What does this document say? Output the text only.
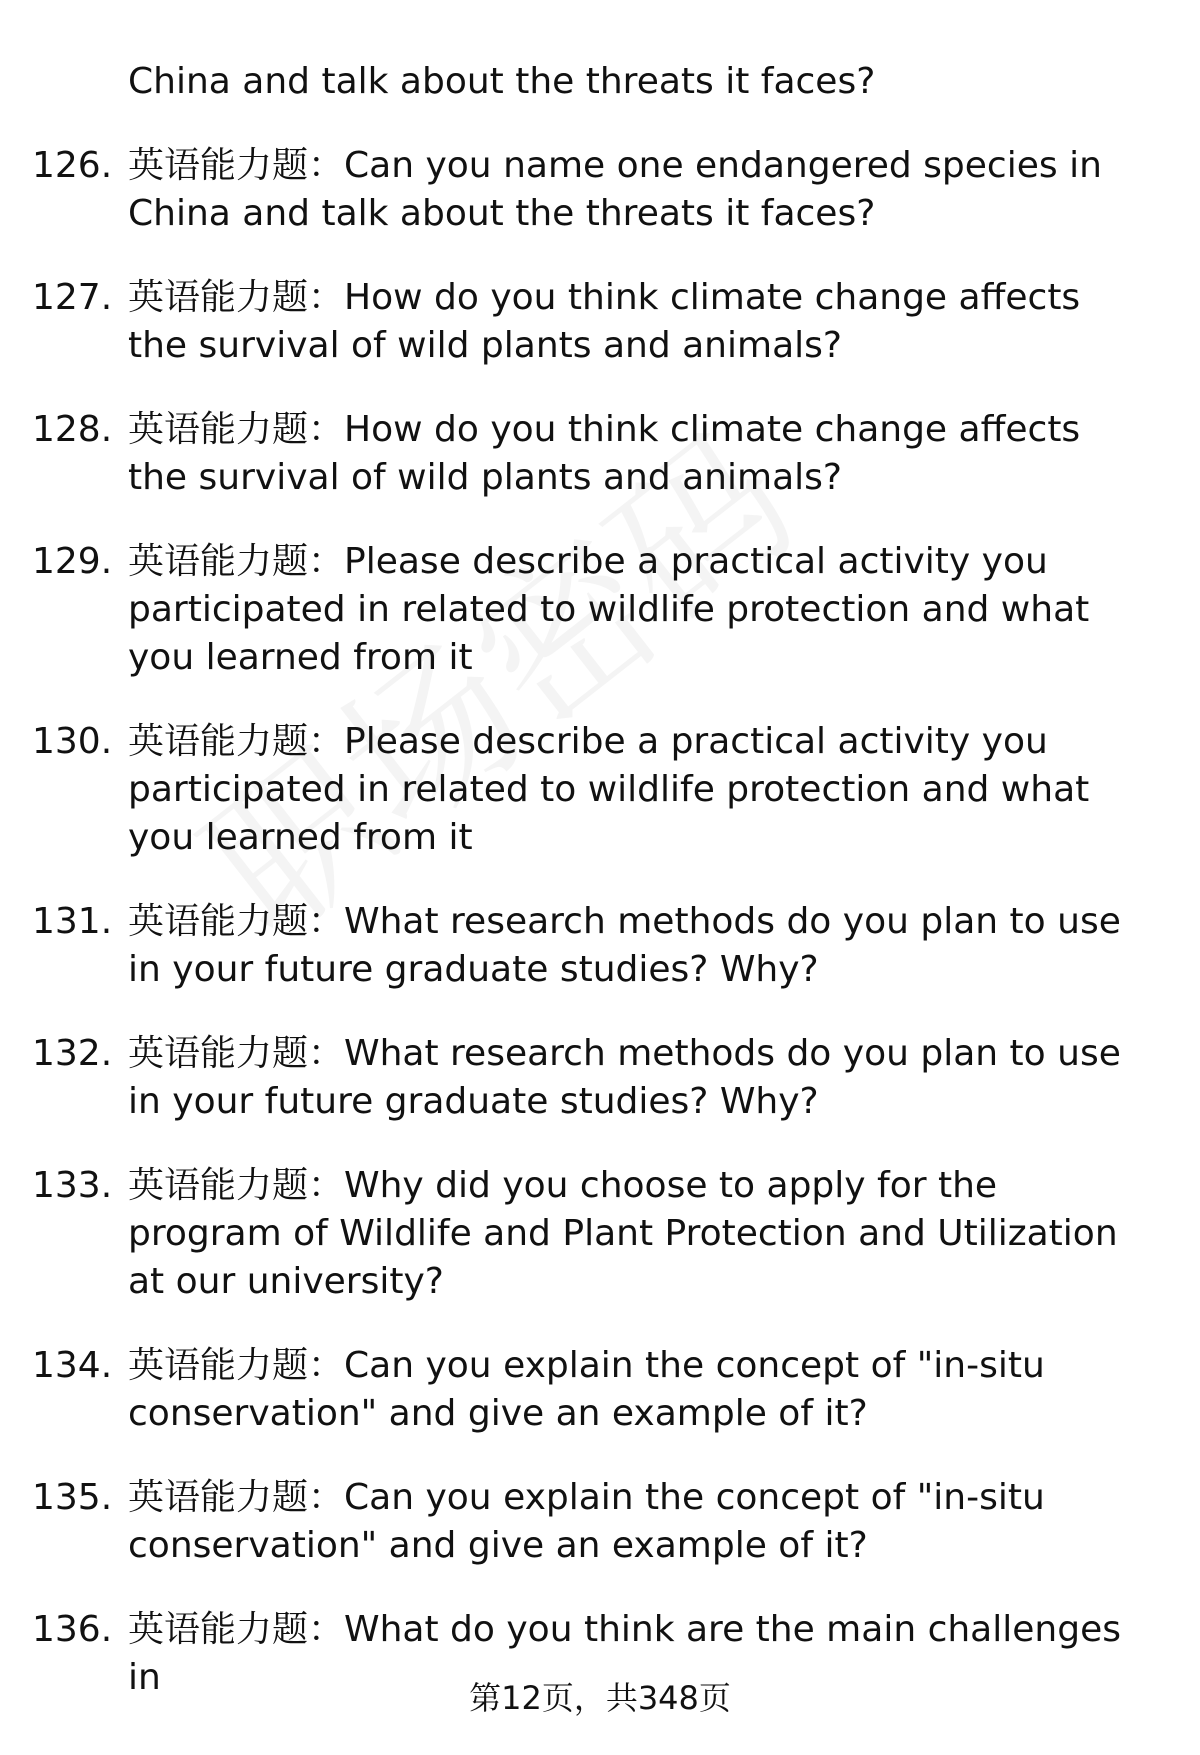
China and talk about the threats it faces?
126. 英语能力题：Can you name one endangered species in China and talk about the threats it faces?
127. 英语能力题：How do you think climate change affects the survival of wild plants and animals?
128. 英语能力题：How do you think climate change affects the survival of wild plants and animals?
129. 英语能力题：Please describe a practical activity you participated in related to wildlife protection and what you learned from it
130. 英语能力题：Please describe a practical activity you participated in related to wildlife protection and what you learned from it
131. 英语能力题：What research methods do you plan to use in your future graduate studies? Why?
132. 英语能力题：What research methods do you plan to use in your future graduate studies? Why?
133. 英语能力题：Why did you choose to apply for the program of Wildlife and Plant Protection and Utilization at our university?
134. 英语能力题：Can you explain the concept of "in-situ conservation" and give an example of it?
135. 英语能力题：Can you explain the concept of "in-situ conservation" and give an example of it?
136. 英语能力题：What do you think are the main challenges in	第12页，共348页
